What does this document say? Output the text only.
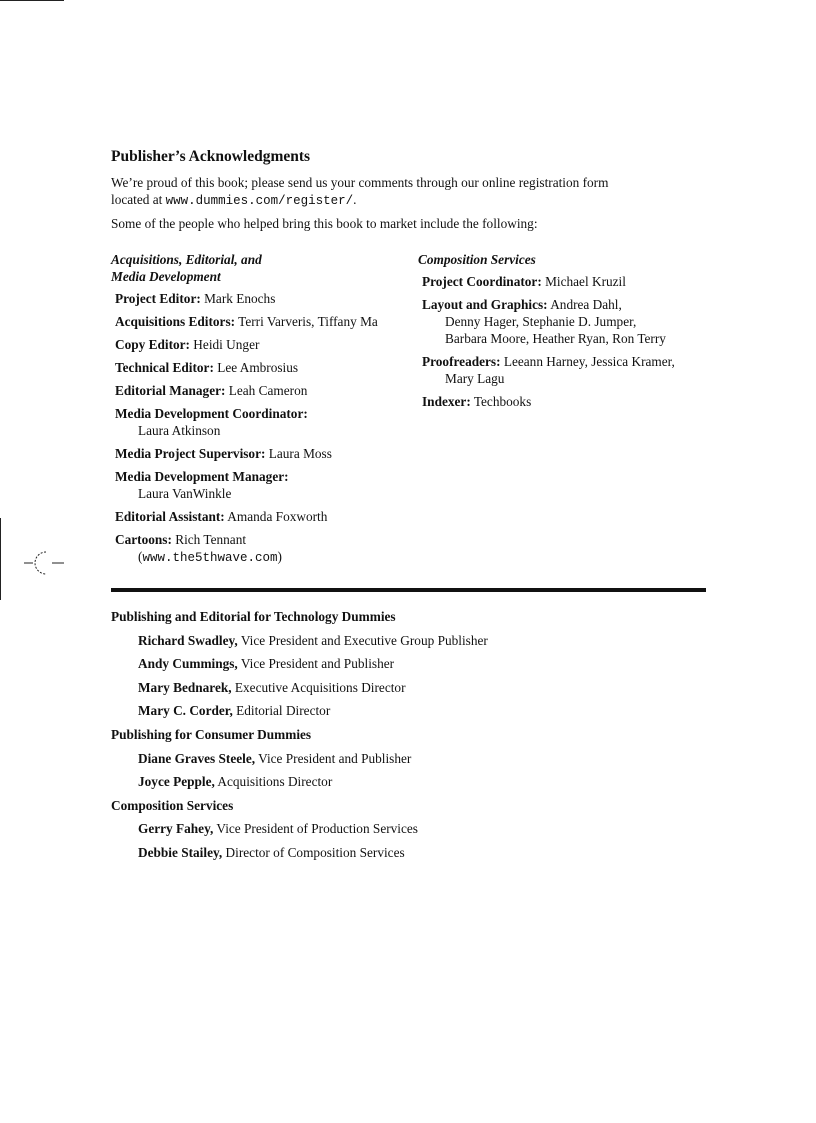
Publisher’s Acknowledgments

We’re proud of this book; please send us your comments through our online registration form

located at www.dummies.com/register/.

Some of the people who helped bring this book to market include the following:

Acquisitions, Editorial, and
Media Development

Project Editor: Mark Enochs
Acquisitions Editors: Terri Varveris, Tiffany Ma
Copy Editor: Heidi Unger
Technical Editor: Lee Ambrosius
Editorial Manager: Leah Cameron
Media Development Coordinator:
Laura Atkinson
Media Project Supervisor: Laura Moss
Media Development Manager:
Laura VanWinkle
Editorial Assistant: Amanda Foxworth
Cartoons: Rich Tennant
(www.the5thwave.com)

Composition Services

Project Coordinator: Michael Kruzil
Layout and Graphics: Andrea Dahl,
Denny Hager, Stephanie D. Jumper,
Barbara Moore, Heather Ryan, Ron Terry
Proofreaders: Leeann Harney, Jessica Kramer,
Mary Lagu
Indexer: Techbooks
Publishing and Editorial for Technology Dummies
Richard Swadley, Vice President and Executive Group Publisher
Andy Cummings, Vice President and Publisher
Mary Bednarek, Executive Acquisitions Director
Mary C. Corder, Editorial Director
Publishing for Consumer Dummies
Diane Graves Steele, Vice President and Publisher
Joyce Pepple, Acquisitions Director
Composition Services
Gerry Fahey, Vice President of Production Services
Debbie Stailey, Director of Composition Services
